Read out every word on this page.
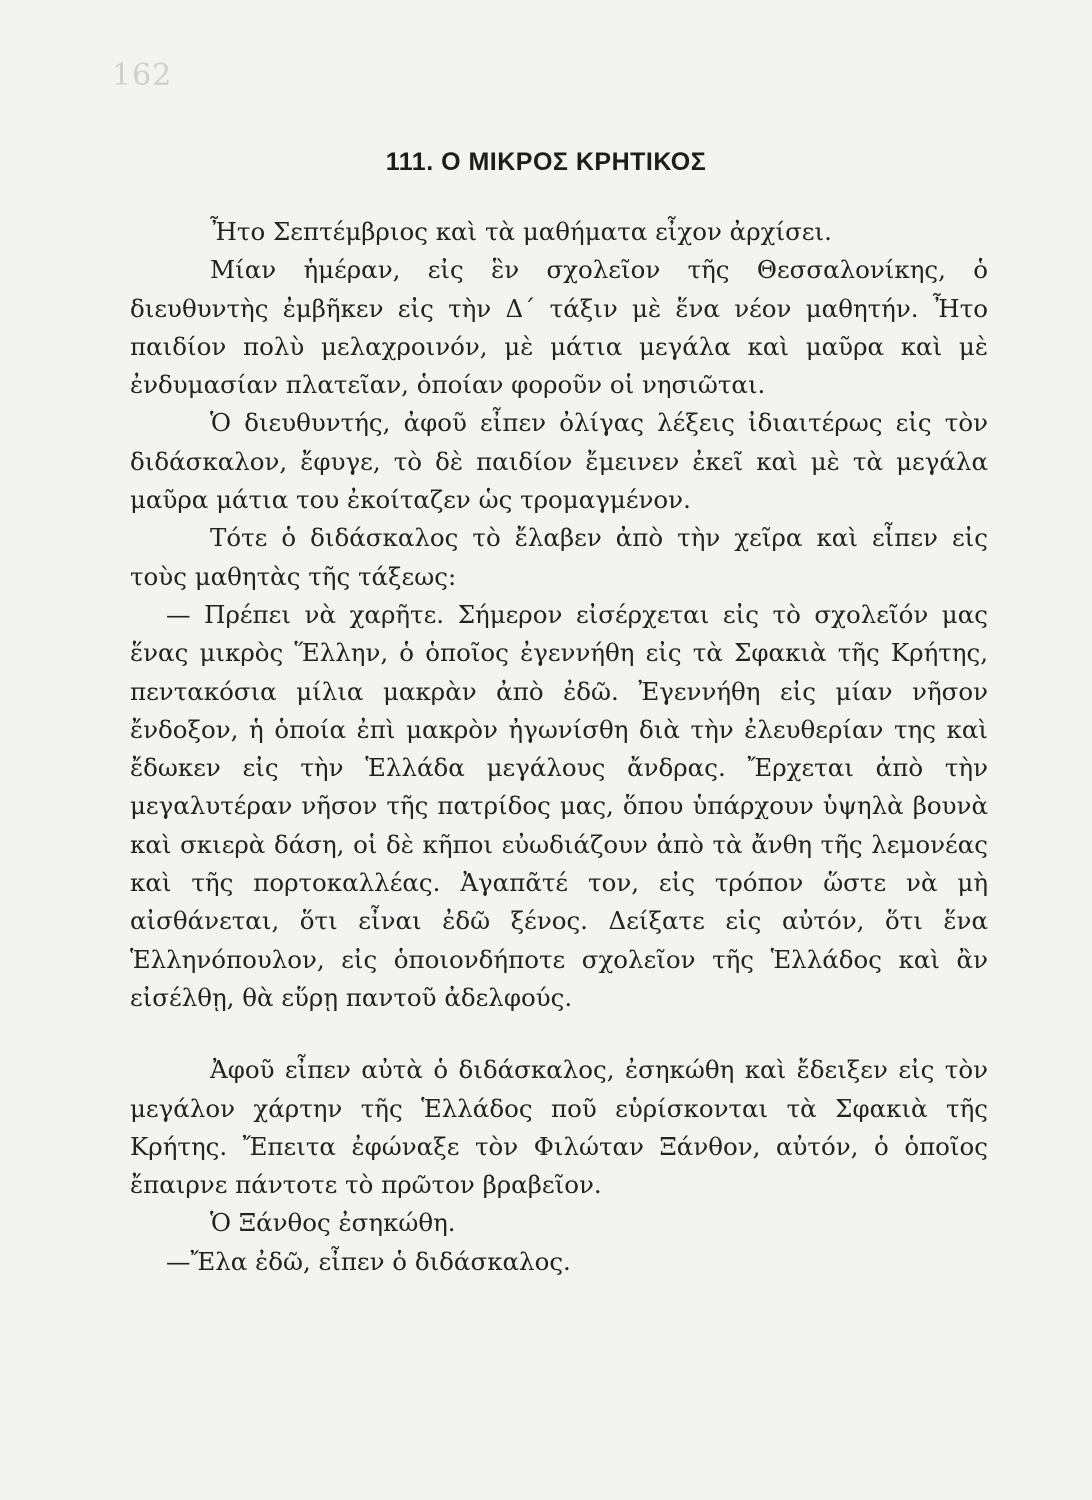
162
111. Ο ΜΙΚΡΟΣ ΚΡΗΤΙΚΟΣ

Ἦτο Σεπτέμβριος καὶ τὰ μαθήματα εἶχον ἀρχίσει.

Μίαν ἡμέραν, εἰς ἓν σχολεῖον τῆς Θεσσαλονίκης, ὁ διευθυντὴς ἐμβῆκεν εἰς τὴν Δ΄ τάξιν μὲ ἕνα νέον μαθητήν. Ἦτο παιδίον πολὺ μελαχροινόν, μὲ μάτια μεγάλα καὶ μαῦρα καὶ μὲ ἐνδυμασίαν πλατεῖαν, ὁποίαν φοροῦν οἱ νησιῶται.

Ὁ διευθυντής, ἀφοῦ εἶπεν ὀλίγας λέξεις ἰδιαιτέρως εἰς τὸν διδάσκαλον, ἔφυγε, τὸ δὲ παιδίον ἔμεινεν ἐκεῖ καὶ μὲ τὰ μεγάλα μαῦρα μάτια του ἐκοίταζεν ὡς τρομαγμένον.

Τότε ὁ διδάσκαλος τὸ ἔλαβεν ἀπὸ τὴν χεῖρα καὶ εἶπεν εἰς τοὺς μαθητὰς τῆς τάξεως:

— Πρέπει νὰ χαρῆτε. Σήμερον εἰσέρχεται εἰς τὸ σχολεῖόν μας ἕνας μικρὸς Ἕλλην, ὁ ὁποῖος ἐγεννήθη εἰς τὰ Σφακιὰ τῆς Κρήτης, πεντακόσια μίλια μακρὰν ἀπὸ ἐδῶ. Ἐγεννήθη εἰς μίαν νῆσον ἔνδοξον, ἡ ὁποία ἐπὶ μακρὸν ἠγωνίσθη διὰ τὴν ἐλευθερίαν της καὶ ἔδωκεν εἰς τὴν Ἑλλάδα μεγάλους ἄνδρας. Ἔρχεται ἀπὸ τὴν μεγαλυτέραν νῆσον τῆς πατρίδος μας, ὅπου ὑπάρχουν ὑψηλὰ βουνὰ καὶ σκιερὰ δάση, οἱ δὲ κῆποι εὐωδιάζουν ἀπὸ τὰ ἄνθη τῆς λεμονέας καὶ τῆς πορτοκαλλέας. Ἀγαπᾶτέ τον, εἰς τρόπον ὥστε νὰ μὴ αἰσθάνεται, ὅτι εἶναι ἐδῶ ξένος. Δείξατε εἰς αὐτόν, ὅτι ἕνα Ἑλληνόπουλον, εἰς ὁποιονδήποτε σχολεῖον τῆς Ἑλλάδος καὶ ἂν εἰσέλθῃ, θὰ εὕρῃ παντοῦ ἀδελφούς.

Ἀφοῦ εἶπεν αὐτὰ ὁ διδάσκαλος, ἐσηκώθη καὶ ἔδειξεν εἰς τὸν μεγάλον χάρτην τῆς Ἑλλάδος ποῦ εὑρίσκονται τὰ Σφακιὰ τῆς Κρήτης. Ἔπειτα ἐφώναξε τὸν Φιλώταν Ξάνθον, αὐτόν, ὁ ὁποῖος ἔπαιρνε πάντοτε τὸ πρῶτον βραβεῖον.

Ὁ Ξάνθος ἐσηκώθη.

—Ἔλα ἐδῶ, εἶπεν ὁ διδάσκαλος.
